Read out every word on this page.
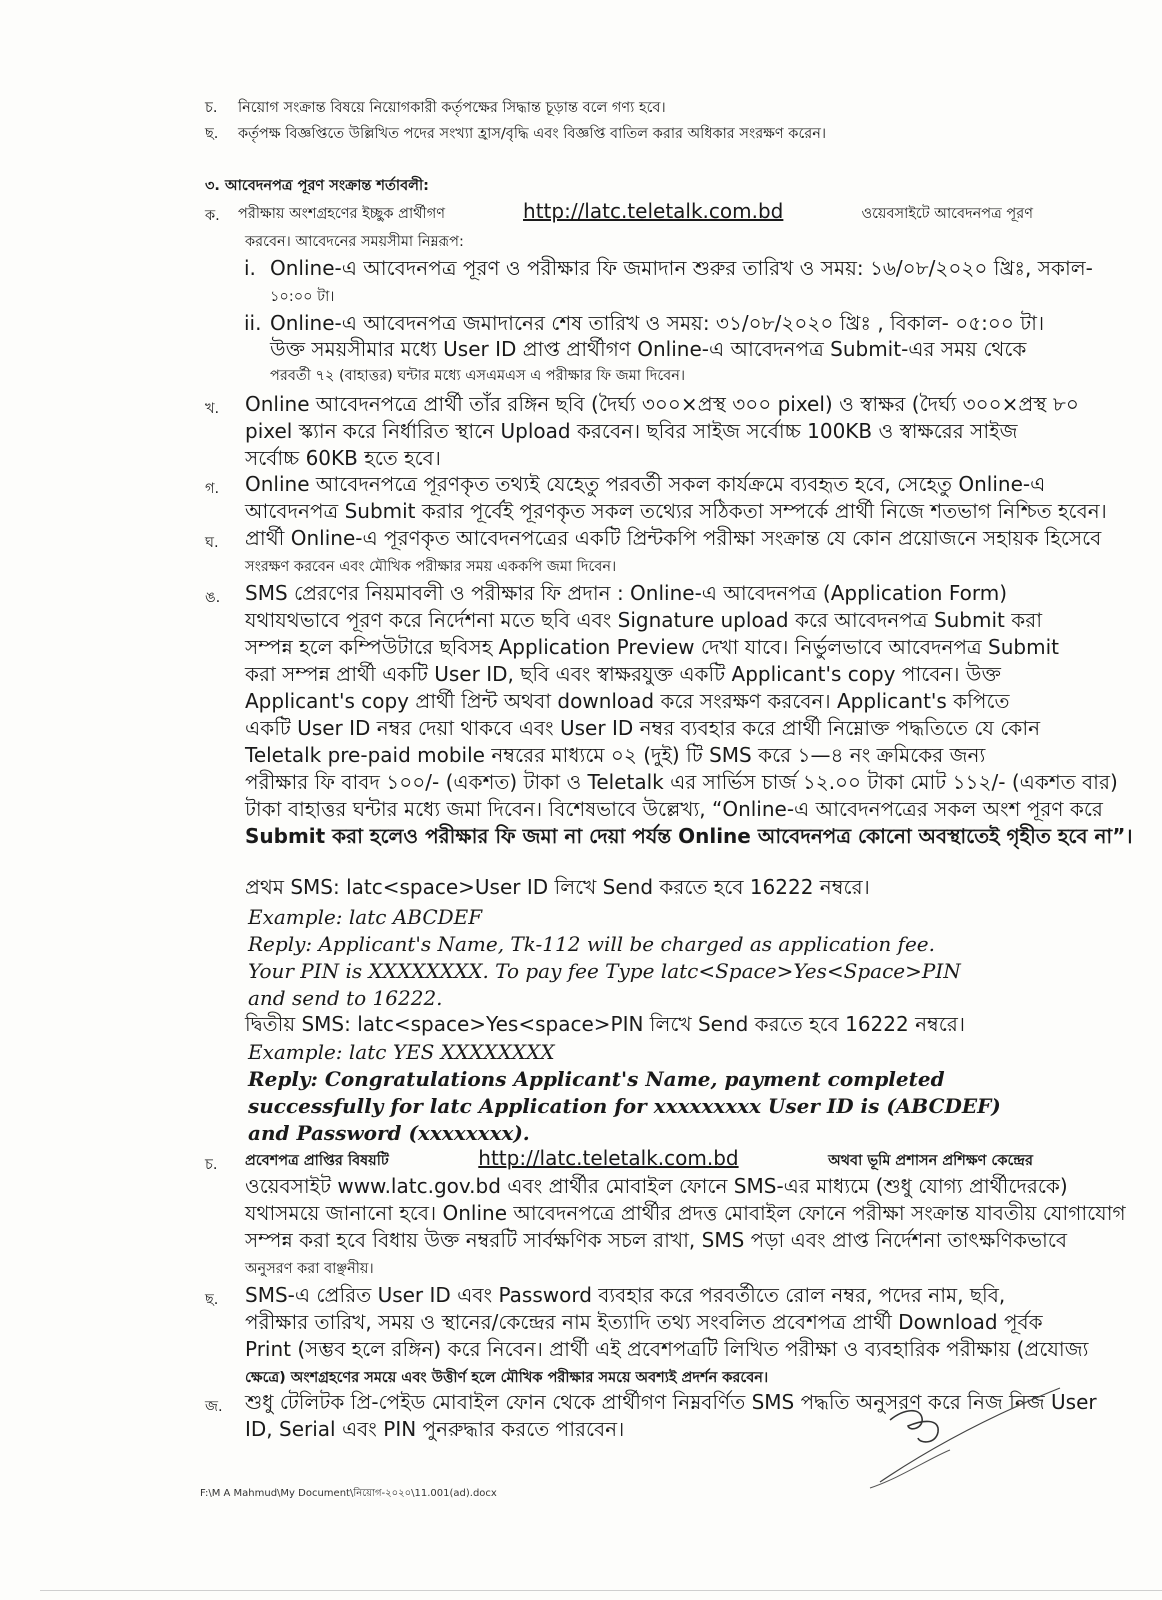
চ. নিয়োগ সংক্রান্ত বিষয়ে নিয়োগকারী কর্তৃপক্ষের সিদ্ধান্ত চূড়ান্ত বলে গণ্য হবে।
ছ. কর্তৃপক্ষ বিজ্ঞপ্তিতে উল্লিখিত পদের সংখ্যা হ্রাস/বৃদ্ধি এবং বিজ্ঞপ্তি বাতিল করার অধিকার সংরক্ষণ করেন।
৩. আবেদনপত্র পূরণ সংক্রান্ত শর্তাবলী:
ক. পরীক্ষায় অংশগ্রহণের ইচ্ছুক প্রার্থীগণ	http://latc.teletalk.com.bd	ওয়েবসাইটে আবেদনপত্র পূরণ
করবেন। আবেদনের সময়সীমা নিম্নরূপ:
i. Online-এ আবেদনপত্র পূরণ ও পরীক্ষার ফি জমাদান শুরুর তারিখ ও সময়: ১৬/০৮/২০২০ খ্রিঃ, সকাল-
১০:০০ টা।
ii. Online-এ আবেদনপত্র জমাদানের শেষ তারিখ ও সময়: ৩১/০৮/২০২০ খ্রিঃ , বিকাল- ০৫:০০ টা।
উক্ত সময়সীমার মধ্যে User ID প্রাপ্ত প্রার্থীগণ Online-এ আবেদনপত্র Submit-এর সময় থেকে
পরবর্তী ৭২ (বাহাত্তর) ঘন্টার মধ্যে এসএমএস এ পরীক্ষার ফি জমা দিবেন।
খ. Online আবেদনপত্রে প্রার্থী তাঁর রঙ্গিন ছবি (দৈর্ঘ্য ৩০০×প্রস্থ ৩০০ pixel) ও স্বাক্ষর (দৈর্ঘ্য ৩০০×প্রস্থ ৮০
pixel স্ক্যান করে নির্ধারিত স্থানে Upload করবেন। ছবির সাইজ সর্বোচ্চ 100KB ও স্বাক্ষরের সাইজ
সর্বোচ্চ 60KB হতে হবে।
গ. Online আবেদনপত্রে পূরণকৃত তথ্যই যেহেতু পরবর্তী সকল কার্যক্রমে ব্যবহৃত হবে, সেহেতু Online-এ
আবেদনপত্র Submit করার পূর্বেই পূরণকৃত সকল তথ্যের সঠিকতা সম্পর্কে প্রার্থী নিজে শতভাগ নিশ্চিত হবেন।
ঘ. প্রার্থী Online-এ পূরণকৃত আবেদনপত্রের একটি প্রিন্টকপি পরীক্ষা সংক্রান্ত যে কোন প্রয়োজনে সহায়ক হিসেবে
সংরক্ষণ করবেন এবং মৌখিক পরীক্ষার সময় এককপি জমা দিবেন।
ঙ. SMS প্রেরণের নিয়মাবলী ও পরীক্ষার ফি প্রদান : Online-এ আবেদনপত্র (Application Form)
যথাযথভাবে পূরণ করে নির্দেশনা মতে ছবি এবং Signature upload করে আবেদনপত্র Submit করা
সম্পন্ন হলে কম্পিউটারে ছবিসহ Application Preview দেখা যাবে। নির্ভুলভাবে আবেদনপত্র Submit
করা সম্পন্ন প্রার্থী একটি User ID, ছবি এবং স্বাক্ষরযুক্ত একটি Applicant's copy পাবেন। উক্ত
Applicant's copy প্রার্থী প্রিন্ট অথবা download করে সংরক্ষণ করবেন। Applicant's কপিতে
একটি User ID নম্বর দেয়া থাকবে এবং User ID নম্বর ব্যবহার করে প্রার্থী নিম্নোক্ত পদ্ধতিতে যে কোন
Teletalk pre-paid mobile নম্বরের মাধ্যমে ০২ (দুই) টি SMS করে ১—৪ নং ক্রমিকের জন্য
পরীক্ষার ফি বাবদ ১০০/- (একশত) টাকা ও Teletalk এর সার্ভিস চার্জ ১২.০০ টাকা মোট ১১২/- (একশত বার)
টাকা বাহাত্তর ঘন্টার মধ্যে জমা দিবেন। বিশেষভাবে উল্লেখ্য, “Online-এ আবেদনপত্রের সকল অংশ পূরণ করে
Submit করা হলেও পরীক্ষার ফি জমা না দেয়া পর্যন্ত Online আবেদনপত্র কোনো অবস্থাতেই গৃহীত হবে না”।
প্রথম SMS: latc<space>User ID লিখে Send করতে হবে 16222 নম্বরে।
Example: latc ABCDEF
Reply: Applicant's Name, Tk-112 will be charged as application fee.
Your PIN is XXXXXXXX. To pay fee Type latc<Space>Yes<Space>PIN
and send to 16222.
দ্বিতীয় SMS: latc<space>Yes<space>PIN লিখে Send করতে হবে 16222 নম্বরে।
Example: latc YES XXXXXXXX
Reply: Congratulations Applicant's Name, payment completed
successfully for latc Application for xxxxxxxxx User ID is (ABCDEF)
and Password (xxxxxxxx).
চ. প্রবেশপত্র প্রাপ্তির বিষয়টি	http://latc.teletalk.com.bd	অথবা ভূমি প্রশাসন প্রশিক্ষণ কেন্দ্রের
ওয়েবসাইট www.latc.gov.bd এবং প্রার্থীর মোবাইল ফোনে SMS-এর মাধ্যমে (শুধু যোগ্য প্রার্থীদেরকে)
যথাসময়ে জানানো হবে। Online আবেদনপত্রে প্রার্থীর প্রদত্ত মোবাইল ফোনে পরীক্ষা সংক্রান্ত যাবতীয় যোগাযোগ
সম্পন্ন করা হবে বিধায় উক্ত নম্বরটি সার্বক্ষণিক সচল রাখা, SMS পড়া এবং প্রাপ্ত নির্দেশনা তাৎক্ষণিকভাবে
অনুসরণ করা বাঞ্ছনীয়।
ছ. SMS-এ প্রেরিত User ID এবং Password ব্যবহার করে পরবর্তীতে রোল নম্বর, পদের নাম, ছবি,
পরীক্ষার তারিখ, সময় ও স্থানের/কেন্দ্রের নাম ইত্যাদি তথ্য সংবলিত প্রবেশপত্র প্রার্থী Download পূর্বক
Print (সম্ভব হলে রঙ্গিন) করে নিবেন। প্রার্থী এই প্রবেশপত্রটি লিখিত পরীক্ষা ও ব্যবহারিক পরীক্ষায় (প্রযোজ্য
ক্ষেত্রে) অংশগ্রহণের সময়ে এবং উত্তীর্ণ হলে মৌখিক পরীক্ষার সময়ে অবশ্যই প্রদর্শন করবেন।
জ. শুধু টেলিটক প্রি-পেইড মোবাইল ফোন থেকে প্রার্থীগণ নিম্নবর্ণিত SMS পদ্ধতি অনুসরণ করে নিজ নিজ User
ID, Serial এবং PIN পুনরুদ্ধার করতে পারবেন।
F:\M A Mahmud\My Document\নিয়োগ-২০২০\11.001(ad).docx
